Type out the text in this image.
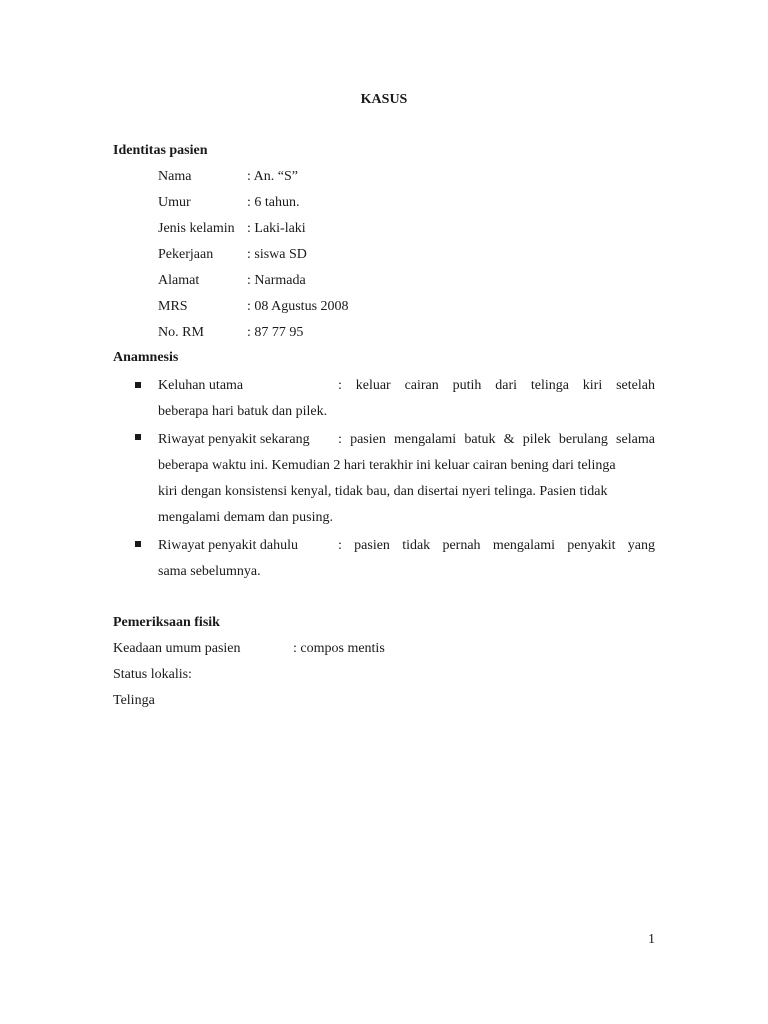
KASUS
Identitas pasien
Nama	: An. “S”
Umur	: 6 tahun.
Jenis kelamin : Laki-laki
Pekerjaan : siswa SD
Alamat	: Narmada
MRS	: 08 Agustus 2008
No. RM	: 87 77 95
Anamnesis
Keluhan utama	: keluar cairan putih dari telinga kiri setelah
beberapa hari batuk dan pilek.
Riwayat penyakit sekarang	: pasien mengalami batuk & pilek berulang selama
beberapa waktu ini. Kemudian 2 hari terakhir ini keluar cairan bening dari telinga
kiri dengan konsistensi kenyal, tidak bau, dan disertai nyeri telinga. Pasien tidak
mengalami demam dan pusing.
Riwayat penyakit dahulu	: pasien tidak pernah mengalami penyakit yang
sama sebelumnya.
Pemeriksaan fisik
Keadaan umum pasien	: compos mentis
Status lokalis:
Telinga
1
